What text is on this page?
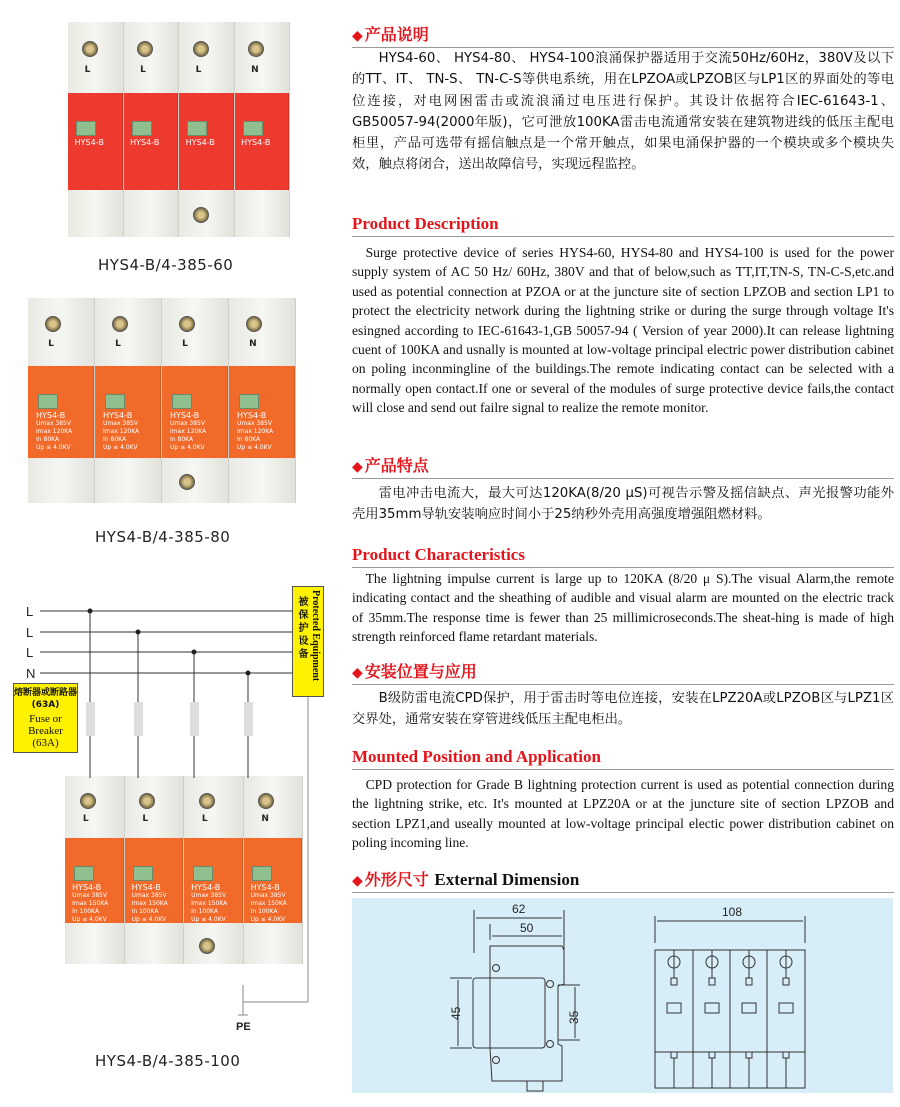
L
HYS4-B
L
HYS4-B
L
HYS4-B
N
HYS4-B
HYS4-B/4-385-60
L
HYS4-B
Umax 385V
Imax 120KA
In 80KA
Up ≤ 4.0KV
L
HYS4-B
Umax 385V
Imax 120KA
In 80KA
Up ≤ 4.0KV
L
HYS4-B
Umax 385V
Imax 120KA
In 80KA
Up ≤ 4.0KV
N
HYS4-B
Umax 385V
Imax 120KA
In 80KA
Up ≤ 4.0KV
HYS4-B/4-385-80
L
HYS4-B
Umax 385V
Imax 150KA
In 100KA
Up ≤ 4.0KV
L
HYS4-B
Umax 385V
Imax 150KA
In 100KA
Up ≤ 4.0KV
L
HYS4-B
Umax 385V
Imax 150KA
In 100KA
Up ≤ 4.0KV
N
HYS4-B
Umax 385V
Imax 150KA
In 100KA
Up ≤ 4.0KV
HYS4-B/4-385-100
L
L
L
N
PE
熔断器或断路器(63A)
Fuse or Breaker (63A)
Protected Equipment 被保护设备
◆ 产品说明
HYS4-60、 HYS4-80、 HYS4-100浪涌保护器适用于交流50Hz/60Hz，380V及以下的TT、IT、 TN-S、 TN-C-S等供电系统，用在LPZOA或LPZOB区与LP1区的界面处的等电位连接，对电网困雷击或流浪涌过电压进行保护。其设计依据符合IEC-61643-1、GB50057-94(2000年版)，它可泄放100KA雷击电流通常安装在建筑物进线的低压主配电柜里，产品可选带有摇信触点是一个常开触点，如果电涌保护器的一个模块或多个模块失效，触点将闭合，送出故障信号，实现远程监控。
Product Description
Surge protective device of series HYS4-60, HYS4-80 and HYS4-100 is used for the power supply system of AC 50 Hz/ 60Hz, 380V and that of below,such as TT,IT,TN-S, TN-C-S,etc.and used as potential connection at PZOA or at the juncture site of section LPZOB and section LP1 to protect the electricity network during the lightning strike or during the surge through voltage It's esingned according to IEC-61643-1,GB 50057-94 ( Version of year 2000).It can release lightning cuent of 100KA and usnally is mounted at low-voltage principal electric power distribution cabinet on poling inconmingline of the buildings.The remote indicating contact can be selected with a normally open contact.If one or several of the modules of surge protective device fails,the contact will close and send out failre signal to realize the remote monitor.
◆ 产品特点
雷电冲击电流大，最大可达120KA(8/20 μS)可视告示警及摇信缺点、声光报警功能外壳用35mm导轨安装响应时间小于25纳秒外壳用高强度增强阻燃材料。
Product Characteristics
The lightning impulse current is large up to 120KA (8/20 μ S).The visual Alarm,the remote indicating contact and the sheathing of audible and visual alarm are mounted on the electric track of 35mm.The response time is fewer than 25 millimicroseconds.The sheat-hing is made of high strength reinforced flame retardant materials.
◆ 安装位置与应用
B级防雷电流CPD保护，用于雷击时等电位连接，安装在LPZ20A或LPZOB区与LPZ1区交界处，通常安装在穿管进线低压主配电柜出。
Mounted Position and Application
CPD protection for Grade B lightning protection current is used as potential connection during the lightning strike, etc. It's mounted at LPZ20A or at the juncture site of section LPZOB and section LPZ1,and useally mounted at low-voltage principal electic power distribution cabinet on poling incoming line.
◆ 外形尺寸 External Dimension
62
50
45	35
108
